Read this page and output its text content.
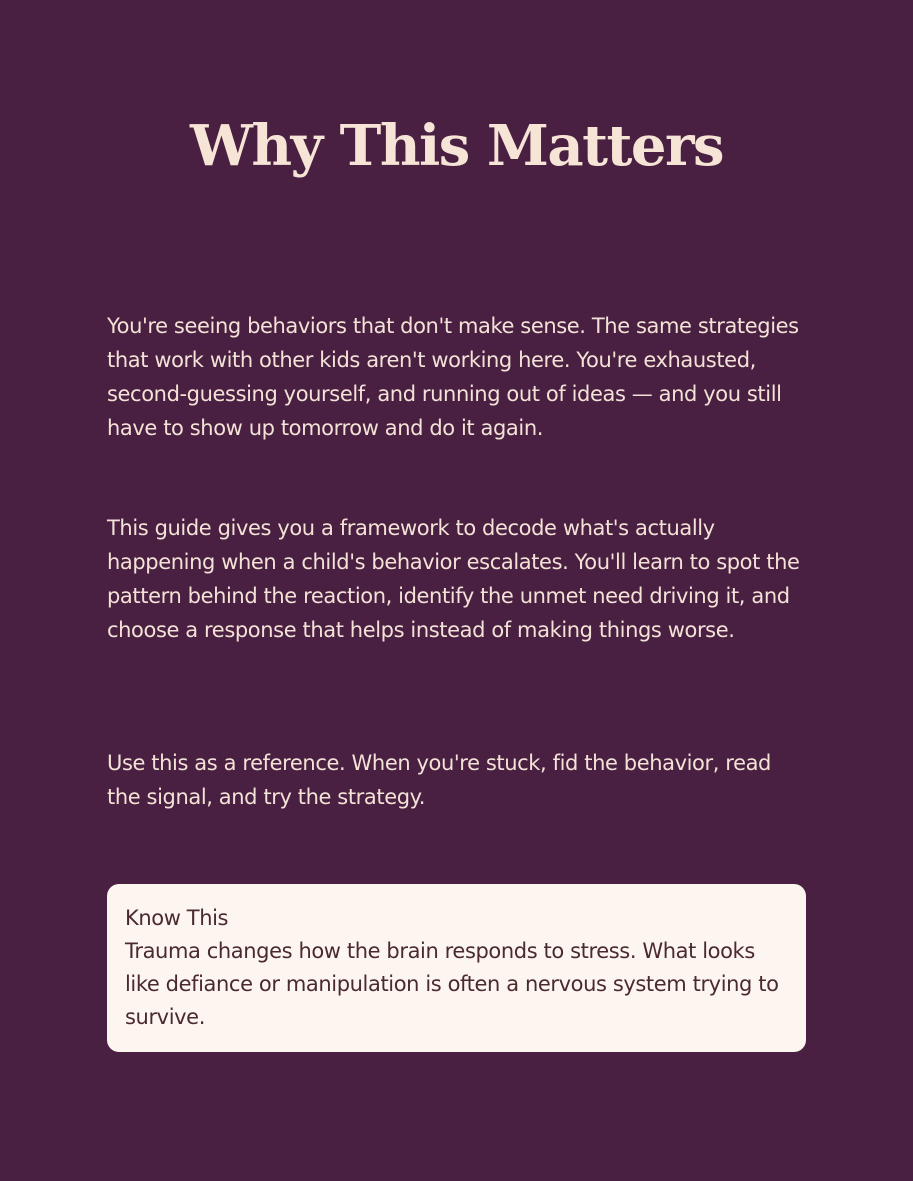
Why This Matters

You're seeing behaviors that don't make sense. The same strategies that work with other kids aren't working here. You're exhausted, second-guessing yourself, and running out of ideas — and you still have to show up tomorrow and do it again.

This guide gives you a framework to decode what's actually happening when a child's behavior escalates. You'll learn to spot the pattern behind the reaction, identify the unmet need driving it, and choose a response that helps instead of making things worse.

Use this as a reference. When you're stuck, fid the behavior, read the signal, and try the strategy.

Know This
Trauma changes how the brain responds to stress. What looks like defiance or manipulation is often a nervous system trying to survive.
